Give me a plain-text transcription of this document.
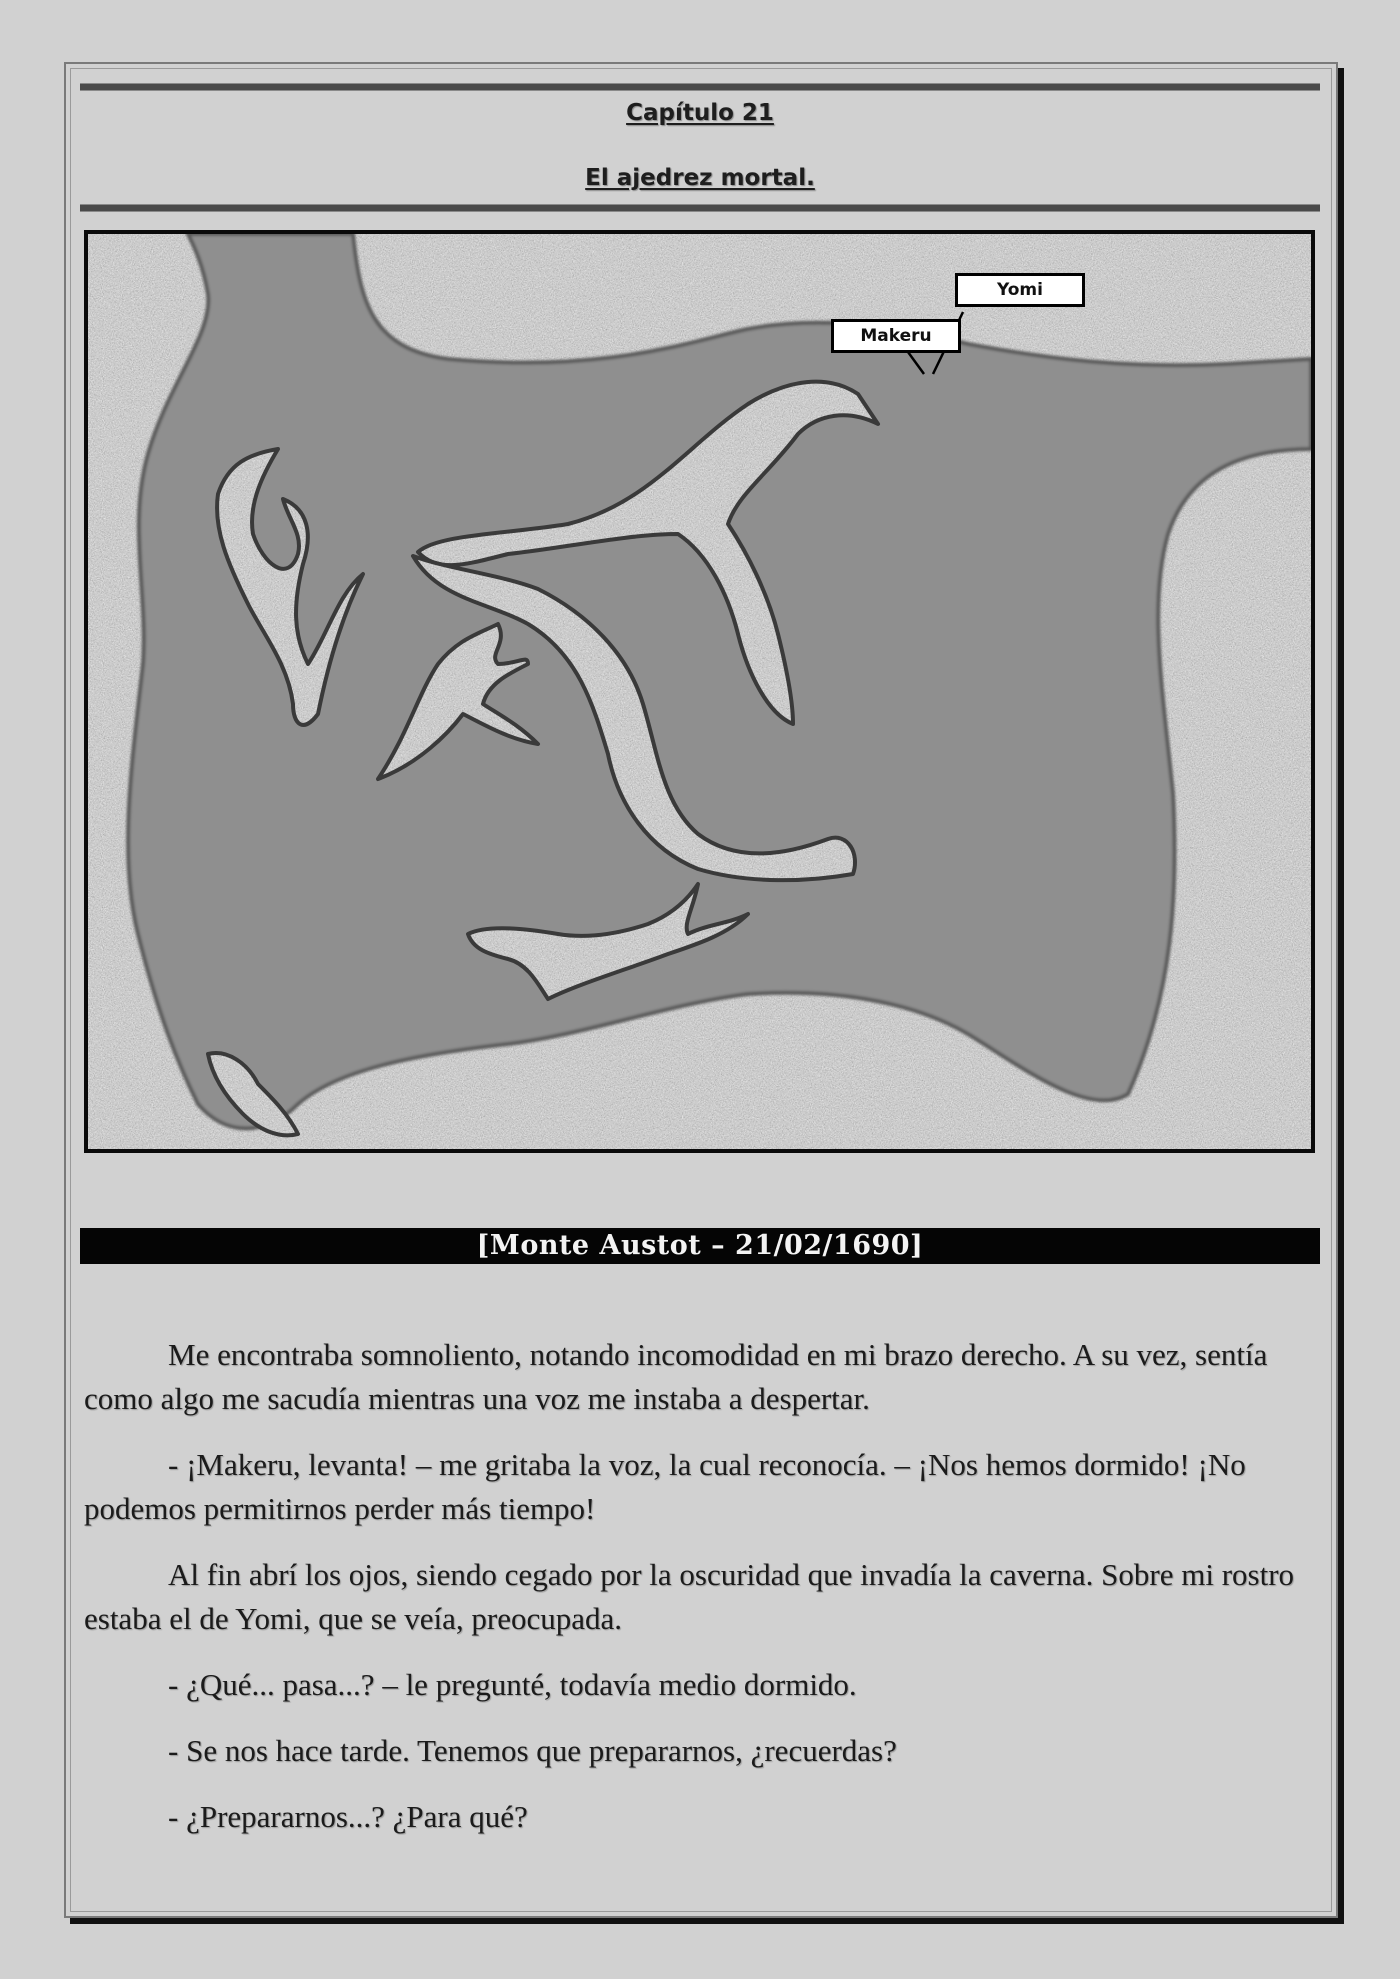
Capítulo 21
El ajedrez mortal.
Yomi
Makeru
[Monte Austot – 21/02/1690]

Me encontraba somnoliento, notando incomodidad en mi brazo derecho. A su vez, sentía como algo me sacudía mientras una voz me instaba a despertar.

- ¡Makeru, levanta! – me gritaba la voz, la cual reconocía. – ¡Nos hemos dormido! ¡No podemos permitirnos perder más tiempo!

Al fin abrí los ojos, siendo cegado por la oscuridad que invadía la caverna. Sobre mi rostro estaba el de Yomi, que se veía, preocupada.

- ¿Qué... pasa...? – le pregunté, todavía medio dormido.

- Se nos hace tarde. Tenemos que prepararnos, ¿recuerdas?

- ¿Prepararnos...? ¿Para qué?
